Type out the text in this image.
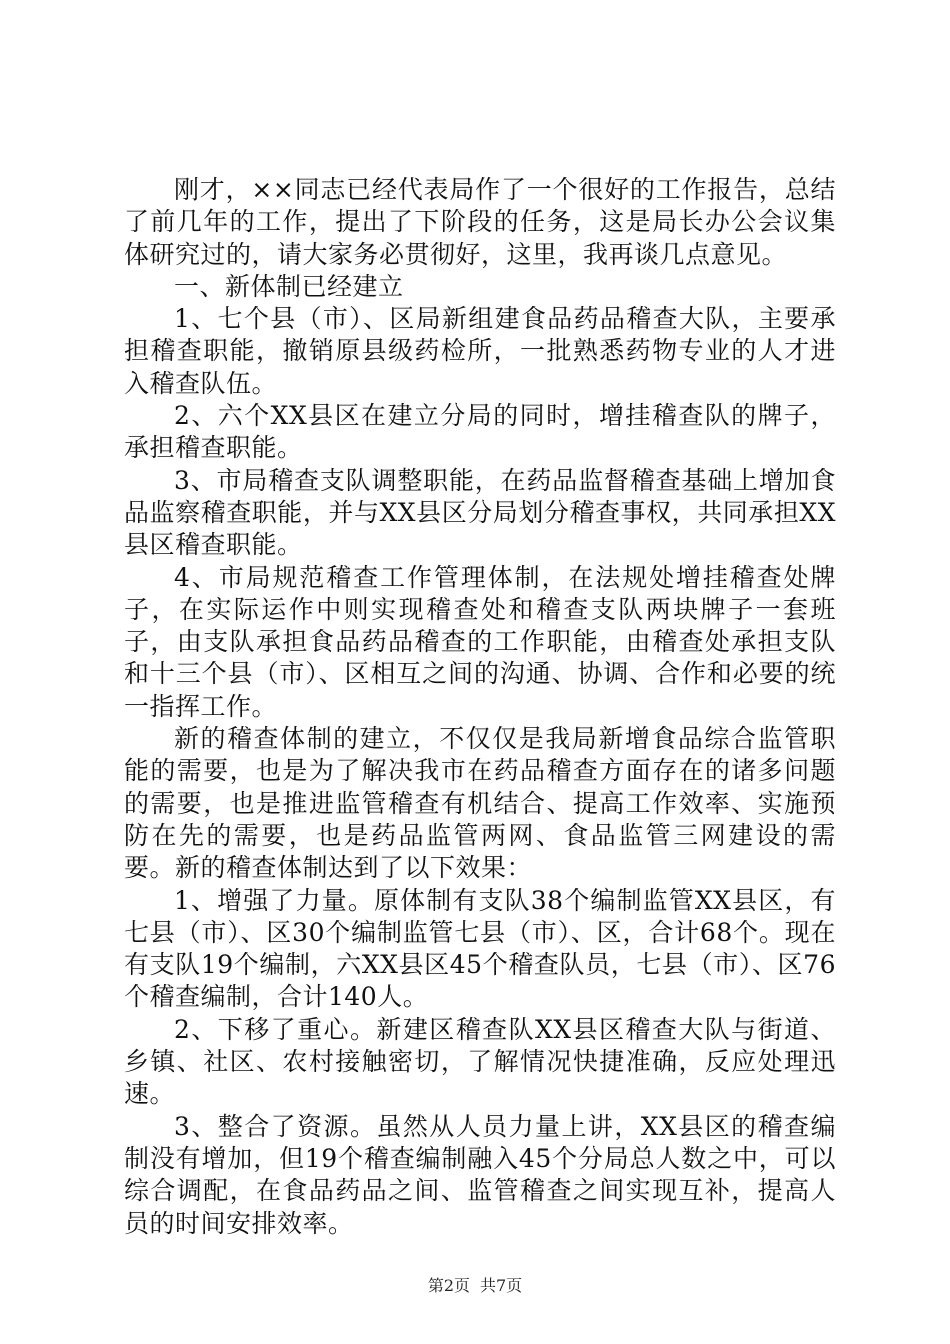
刚才，××同志已经代表局作了一个很好的工作报告，总结了前几年的工作，提出了下阶段的任务，这是局长办公会议集体研究过的，请大家务必贯彻好，这里，我再谈几点意见。

一、新体制已经建立

1、七个县（市）、区局新组建食品药品稽查大队，主要承担稽查职能，撤销原县级药检所，一批熟悉药物专业的人才进入稽查队伍。

2、六个XX县区在建立分局的同时，增挂稽查队的牌子，承担稽查职能。

3、市局稽查支队调整职能，在药品监督稽查基础上增加食品监察稽查职能，并与XX县区分局划分稽查事权，共同承担XX县区稽查职能。

4、市局规范稽查工作管理体制，在法规处增挂稽查处牌子，在实际运作中则实现稽查处和稽查支队两块牌子一套班子，由支队承担食品药品稽查的工作职能，由稽查处承担支队和十三个县（市）、区相互之间的沟通、协调、合作和必要的统一指挥工作。

新的稽查体制的建立，不仅仅是我局新增食品综合监管职能的需要，也是为了解决我市在药品稽查方面存在的诸多问题的需要，也是推进监管稽查有机结合、提高工作效率、实施预防在先的需要，也是药品监管两网、食品监管三网建设的需要。新的稽查体制达到了以下效果：

1、增强了力量。原体制有支队38个编制监管XX县区，有七县（市）、区30个编制监管七县（市）、区，合计68个。现在有支队19个编制，六XX县区45个稽查队员，七县（市）、区76个稽查编制，合计140人。

2、下移了重心。新建区稽查队XX县区稽查大队与街道、乡镇、社区、农村接触密切，了解情况快捷准确，反应处理迅速。

3、整合了资源。虽然从人员力量上讲，XX县区的稽查编制没有增加，但19个稽查编制融入45个分局总人数之中，可以综合调配，在食品药品之间、监管稽查之间实现互补，提高人员的时间安排效率。

第2页 共7页
